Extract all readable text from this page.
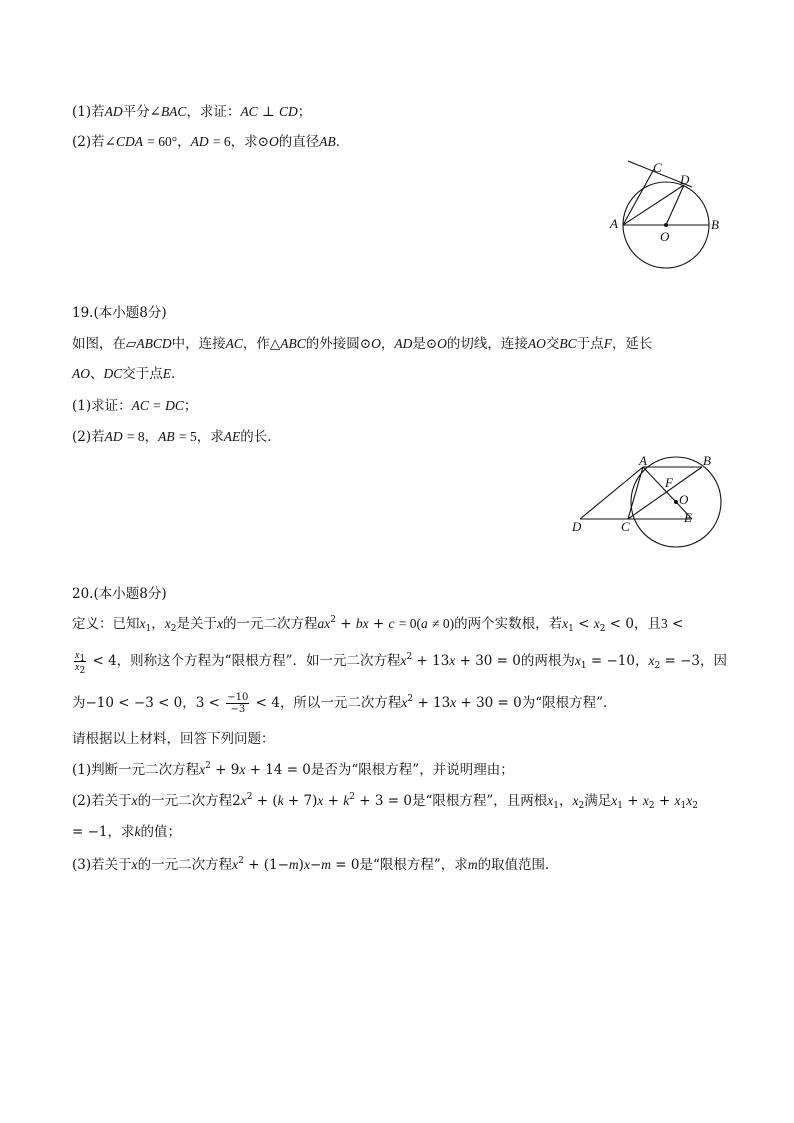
(1)若AD平分∠BAC，求证：AC ⊥ CD；
(2)若∠CDA = 60°，AD = 6，求⊙O的直径AB．
A	B
C
D
O
19.(本小题8分)
如图，在▱ABCD中，连接AC，作△ABC的外接圆⊙O，AD是⊙O的切线，连接AO交BC于点F，延长
AO、DC交于点E．
(1)求证：AC = DC；
(2)若AD = 8，AB = 5，求AE的长．
A	B
C
D
E
F
O
20.(本小题8分)
定义：已知$x_1$，$x_2$是关于x的一元二次方程$ax^2$ + bx + c = 0(a ≠ 0)的两个实数根，若$x_1 < x_2 < 0$，且3 <
$\frac{x_1}{x_2} < 4$，则称这个方程为“限根方程”．如一元二次方程$x^2 + 13x + 30 = 0$的两根为$x_1 = -10$，$x_2 = -3$，因
为−10 < −3 < 0，$3 < \frac{-10}{-3} < 4$，所以一元二次方程$x^2 + 13x + 30 = 0$为“限根方程”．
请根据以上材料，回答下列问题：
(1)判断一元二次方程$x^2 + 9x + 14 = 0$是否为“限根方程”，并说明理由；
(2)若关于x的一元二次方程$2x^2 + (k + 7)x + k^2 + 3 = 0$是“限根方程”，且两根$x_1$，$x_2$满足$x_1 + x_2 + x_1x_2$
= −1，求k的值；
(3)若关于x的一元二次方程$x^2 + (1-m)x-m = 0$是“限根方程”，求m的取值范围．
